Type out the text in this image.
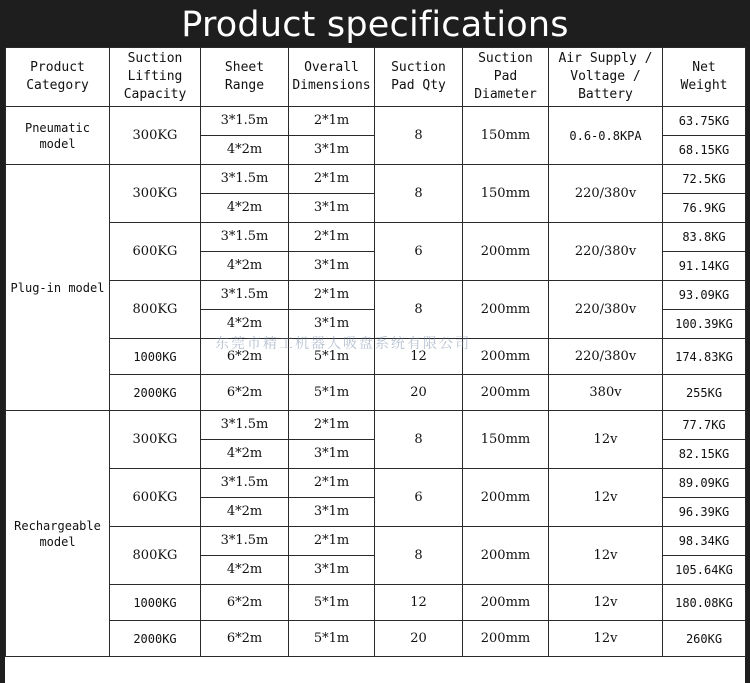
Product specifications
Product Category	Suction Lifting Capacity	Sheet Range	Overall Dimensions	Suction Pad Qty	Suction Pad Diameter	Air Supply / Voltage / Battery	Net Weight
Pneumatic model	300KG	3*1.5m	2*1m	8	150mm	0.6-0.8KPA	63.75KG
		4*2m	3*1m				68.15KG
Plug-in model	300KG	3*1.5m	2*1m	8	150mm	220/380v	72.5KG
		4*2m	3*1m				76.9KG
	600KG	3*1.5m	2*1m	6	200mm	220/380v	83.8KG
		4*2m	3*1m				91.14KG
	800KG	3*1.5m	2*1m	8	200mm	220/380v	93.09KG
		4*2m	3*1m				100.39KG
	1000KG	6*2m	5*1m	12	200mm	220/380v	174.83KG
	2000KG	6*2m	5*1m	20	200mm	380v	255KG
Rechargeable model	300KG	3*1.5m	2*1m	8	150mm	12v	77.7KG
		4*2m	3*1m				82.15KG
	600KG	3*1.5m	2*1m	6	200mm	12v	89.09KG
		4*2m	3*1m				96.39KG
	800KG	3*1.5m	2*1m	8	200mm	12v	98.34KG
		4*2m	3*1m				105.64KG
	1000KG	6*2m	5*1m	12	200mm	12v	180.08KG
	2000KG	6*2m	5*1m	20	200mm	12v	260KG
东莞市精工机器人吸盘系统有限公司
